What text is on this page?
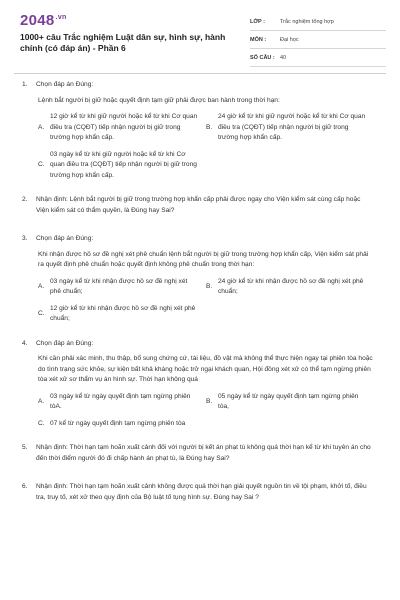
$2048^{.vn}$
1000+ câu Trắc nghiệm Luật dân sự, hình sự, hành chính (có đáp án) - Phần 6
LỚP :	Trắc nghiệm tổng hợp
MÔN :	Đại học
SỐ CÂU : 40
1. Chọn đáp án Đúng:
Lệnh bắt người bị giữ hoặc quyết định tạm giữ phải được ban hành trong thời hạn:
A.
12 giờ kể từ khi giữ người hoặc kể từ khi Cơ quan điều tra (CQĐT) tiếp nhận người bị giữ trong trường hợp khẩn cấp.
B.
24 giờ kể từ khi giữ người hoặc kể từ khi Cơ quan điều tra (CQĐT) tiếp nhận người bị giữ trong trường hợp khẩn cấp.
C.
03 ngày kể từ khi giữ người hoặc kể từ khi Cơ quan điều tra (CQĐT) tiếp nhận người bị giữ trong trường hợp khẩn cấp.
2. Nhận định: Lệnh bắt người bị giữ trong trường hợp khẩn cấp phải được ngay cho Viện kiểm sát cùng cấp hoặc Viện kiểm sát có thẩm quyền, là Đúng hay Sai?
3. Chọn đáp án Đúng:
Khi nhận được hồ sơ đề nghị xét phê chuẩn lệnh bắt người bị giữ trong trường hợp khẩn cấp, Viện kiểm sát phải ra quyết định phê chuẩn hoặc quyết định không phê chuẩn trong thời hạn:
A.
03 ngày kể từ khi nhận được hồ sơ đề nghị xét phê chuẩn;
B.
24 giờ kể từ khi nhận được hồ sơ đề nghị xét phê chuẩn;
C.
12 giờ kể từ khi nhận được hồ sơ đề nghị xét phê chuẩn;
4. Chọn đáp án Đúng:
Khi cần phải xác minh, thu thập, bổ sung chứng cứ, tài liệu, đồ vật mà không thể thực hiện ngay tại phiên tòa hoặc do tình trạng sức khỏe, sự kiện bất khả kháng hoặc trở ngại khách quan, Hội đồng xét xử có thể tạm ngừng phiên tòa xét xử sơ thẩm vụ án hình sự. Thời hạn không quá
A.
03 ngày kể từ ngày quyết định tạm ngừng phiên tòA.
B.
05 ngày kể từ ngày quyết định tạm ngừng phiên tòa,
C. 07 kể từ ngày quyết định tạm ngừng phiên tòa
5. Nhận định: Thời hạn tạm hoãn xuất cảnh đối với người bị kết án phạt tù không quá thời hạn kể từ khi tuyên án cho đến thời điểm người đó đi chấp hành án phạt tù, là Đúng hay Sai?
6. Nhận định: Thời hạn tạm hoãn xuất cảnh không được quá thời hạn giải quyết nguồn tin về tội phạm, khởi tố, điều tra, truy tố, xét xử theo quy định của Bộ luật tố tụng hình sự. Đúng hay Sai ?
